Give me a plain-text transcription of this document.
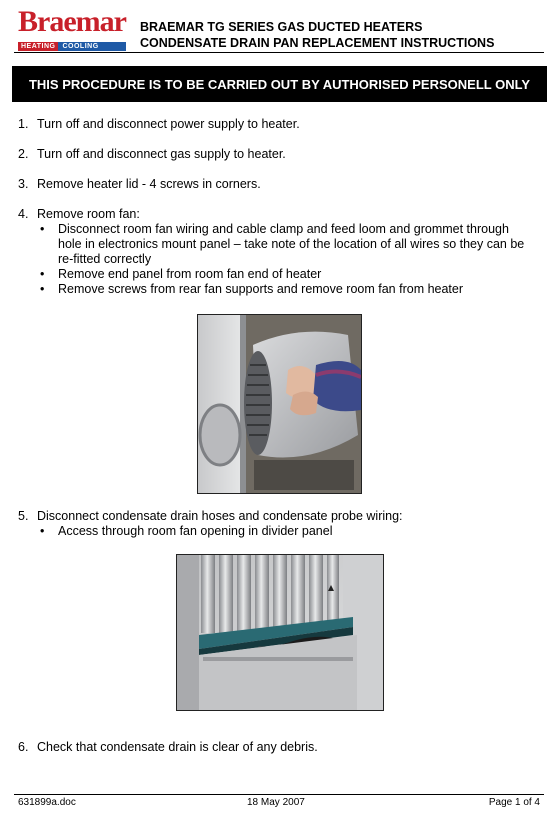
Braemar
HEATING	COOLING
BRAEMAR TG SERIES GAS DUCTED HEATERS
CONDENSATE DRAIN PAN REPLACEMENT INSTRUCTIONS
THIS PROCEDURE IS TO BE CARRIED OUT BY AUTHORISED PERSONELL ONLY
1. Turn off and disconnect power supply to heater.
2. Turn off and disconnect gas supply to heater.
3. Remove heater lid - 4 screws in corners.
4. Remove room fan:
• Disconnect room fan wiring and cable clamp and feed loom and grommet through hole in electronics mount panel – take note of the location of all wires so they can be re-fitted correctly
• Remove end panel from room fan end of heater
• Remove screws from rear fan supports and remove room fan from heater
5. Disconnect condensate drain hoses and condensate probe wiring:
• Access through room fan opening in divider panel
6. Check that condensate drain is clear of any debris.
631899a.doc	18 May 2007	Page 1 of 4
